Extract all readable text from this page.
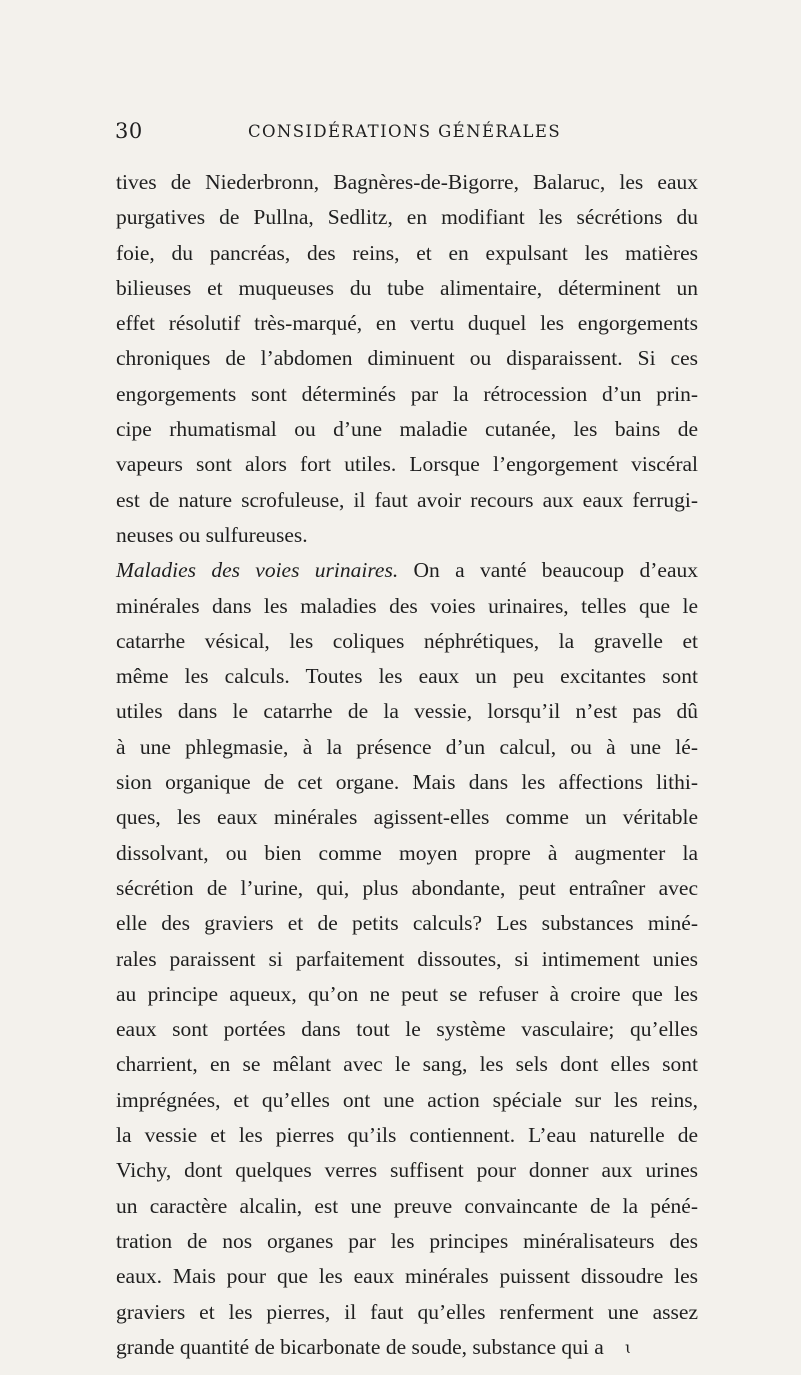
30	CONSIDÉRATIONS GÉNÉRALES
tives de Niederbronn, Bagnères-de-Bigorre, Balaruc, les eaux
purgatives de Pullna, Sedlitz, en modifiant les sécrétions du
foie, du pancréas, des reins, et en expulsant les matières
bilieuses et muqueuses du tube alimentaire, déterminent un
effet résolutif très-marqué, en vertu duquel les engorgements
chroniques de l’abdomen diminuent ou disparaissent. Si ces
engorgements sont déterminés par la rétrocession d’un prin-
cipe rhumatismal ou d’une maladie cutanée, les bains de
vapeurs sont alors fort utiles. Lorsque l’engorgement viscéral
est de nature scrofuleuse, il faut avoir recours aux eaux ferrugi-
neuses ou sulfureuses.
Maladies des voies urinaires. On a vanté beaucoup d’eaux
minérales dans les maladies des voies urinaires, telles que le
catarrhe vésical, les coliques néphrétiques, la gravelle et
même les calculs. Toutes les eaux un peu excitantes sont
utiles dans le catarrhe de la vessie, lorsqu’il n’est pas dû
à une phlegmasie, à la présence d’un calcul, ou à une lé-
sion organique de cet organe. Mais dans les affections lithi-
ques, les eaux minérales agissent-elles comme un véritable
dissolvant, ou bien comme moyen propre à augmenter la
sécrétion de l’urine, qui, plus abondante, peut entraîner avec
elle des graviers et de petits calculs? Les substances miné-
rales paraissent si parfaitement dissoutes, si intimement unies
au principe aqueux, qu’on ne peut se refuser à croire que les
eaux sont portées dans tout le système vasculaire; qu’elles
charrient, en se mêlant avec le sang, les sels dont elles sont
imprégnées, et qu’elles ont une action spéciale sur les reins,
la vessie et les pierres qu’ils contiennent. L’eau naturelle de
Vichy, dont quelques verres suffisent pour donner aux urines
un caractère alcalin, est une preuve convaincante de la péné-
tration de nos organes par les principes minéralisateurs des
eaux. Mais pour que les eaux minérales puissent dissoudre les
graviers et les pierres, il faut qu’elles renferment une assez
grande quantité de bicarbonate de soude, substance qui a	ɩ
